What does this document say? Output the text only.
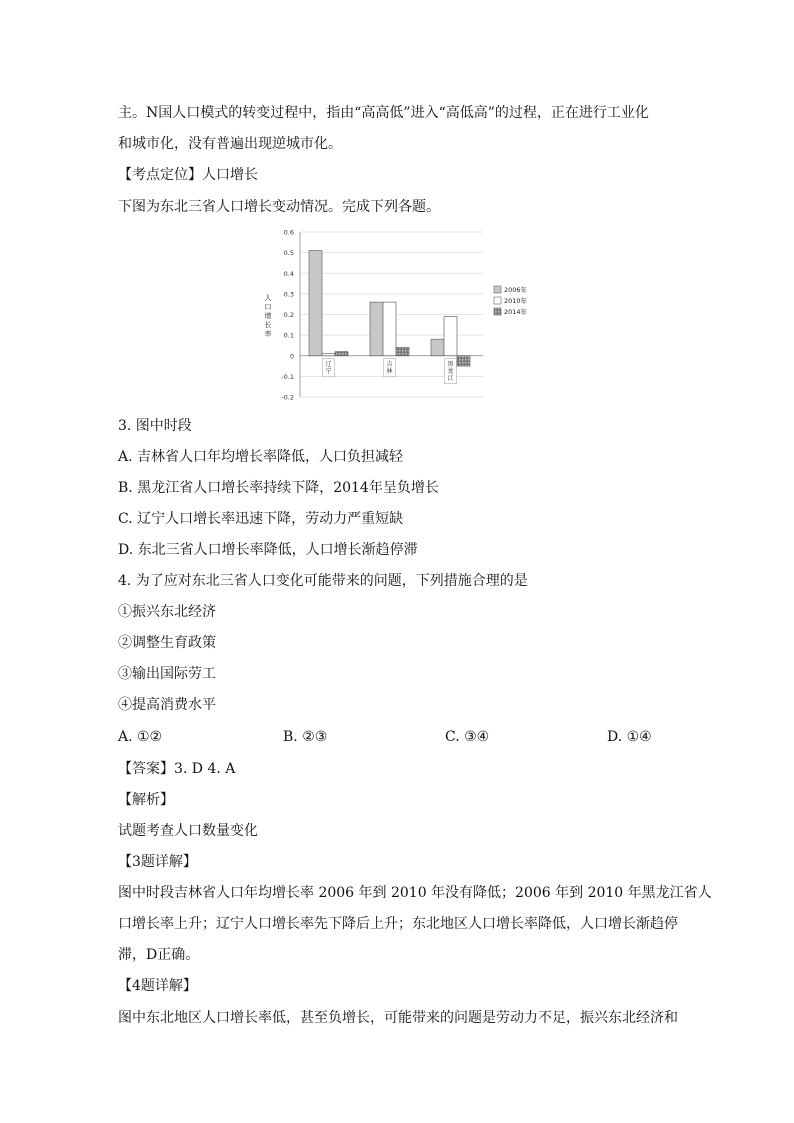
主。N国人口模式的转变过程中，指由“高高低”进入“高低高”的过程，正在进行工业化
和城市化，没有普遍出现逆城市化。
【考点定位】人口增长
下图为东北三省人口增长变动情况。完成下列各题。
0.6
0.5
0.4
0.3
0.2
0.1
0
-0.1
-0.2
人
口
增
长
率
辽
宁
吉
林
黑
龙
江
2006年
2010年
2014年
3. 图中时段
A. 吉林省人口年均增长率降低，人口负担减轻
B. 黑龙江省人口增长率持续下降，2014年呈负增长
C. 辽宁人口增长率迅速下降，劳动力严重短缺
D. 东北三省人口增长率降低，人口增长渐趋停滞
4. 为了应对东北三省人口变化可能带来的问题，下列措施合理的是
①振兴东北经济
②调整生育政策
③输出国际劳工
④提高消费水平
A. ①②	B. ②③	C. ③④	D. ①④
【答案】3. D 4. A
【解析】
试题考查人口数量变化
【3题详解】
图中时段吉林省人口年均增长率 2006 年到 2010 年没有降低；2006 年到 2010 年黑龙江省人
口增长率上升；辽宁人口增长率先下降后上升；东北地区人口增长率降低，人口增长渐趋停
滞，D正确。
【4题详解】
图中东北地区人口增长率低，甚至负增长，可能带来的问题是劳动力不足，振兴东北经济和
